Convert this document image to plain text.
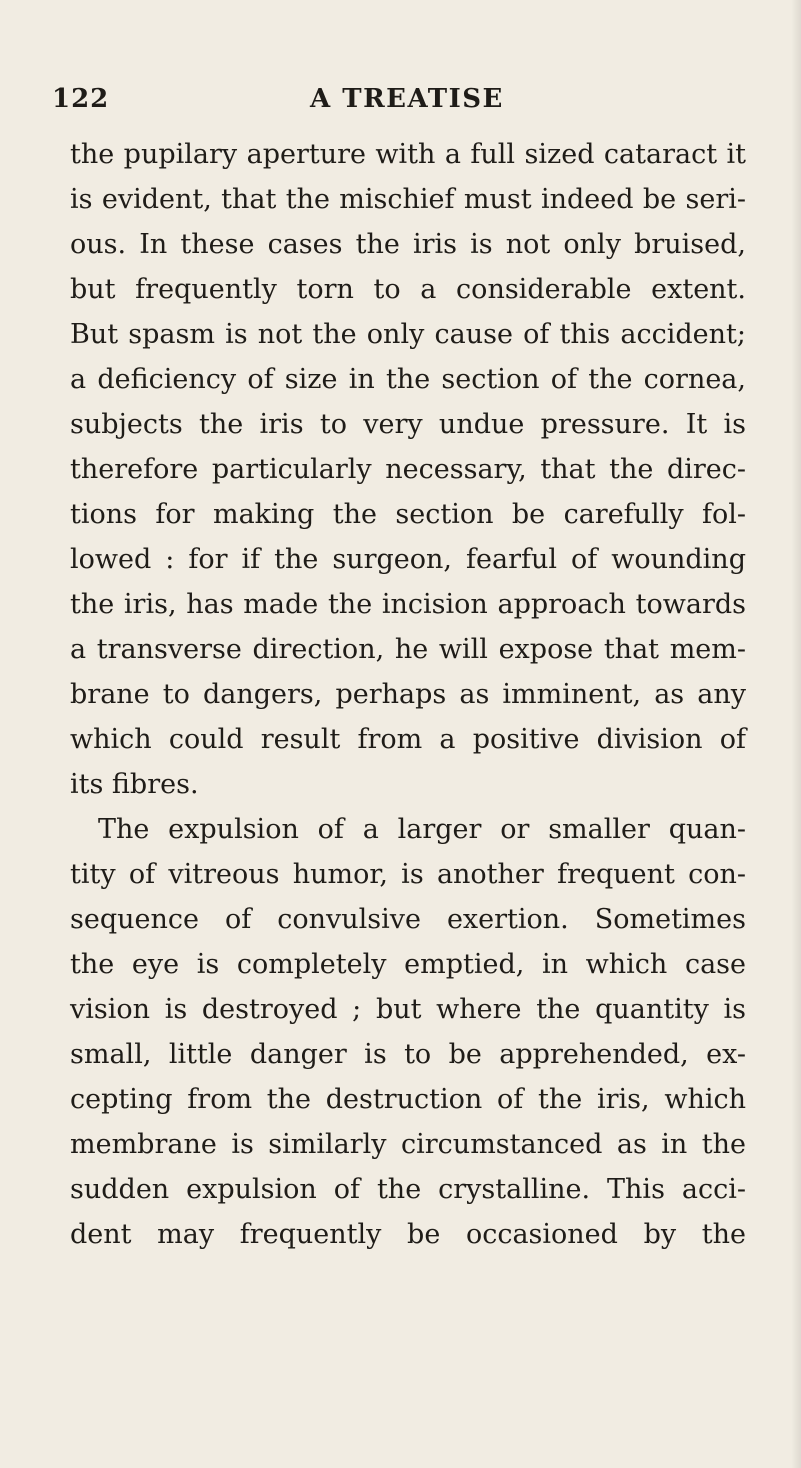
122	A TREATISE
the pupilary aperture with a full sized cataract it
is evident, that the mischief must indeed be seri-
ous. In these cases the iris is not only bruised,
but frequently torn to a considerable extent.
But spasm is not the only cause of this accident;
a deficiency of size in the section of the cornea,
subjects the iris to very undue pressure. It is
therefore particularly necessary, that the direc-
tions for making the section be carefully fol-
lowed : for if the surgeon, fearful of wounding
the iris, has made the incision approach towards
a transverse direction, he will expose that mem-
brane to dangers, perhaps as imminent, as any
which could result from a positive division of
its fibres.
The expulsion of a larger or smaller quan-
tity of vitreous humor, is another frequent con-
sequence of convulsive exertion. Sometimes
the eye is completely emptied, in which case
vision is destroyed ; but where the quantity is
small, little danger is to be apprehended, ex-
cepting from the destruction of the iris, which
membrane is similarly circumstanced as in the
sudden expulsion of the crystalline. This acci-
dent may frequently be occasioned by the
